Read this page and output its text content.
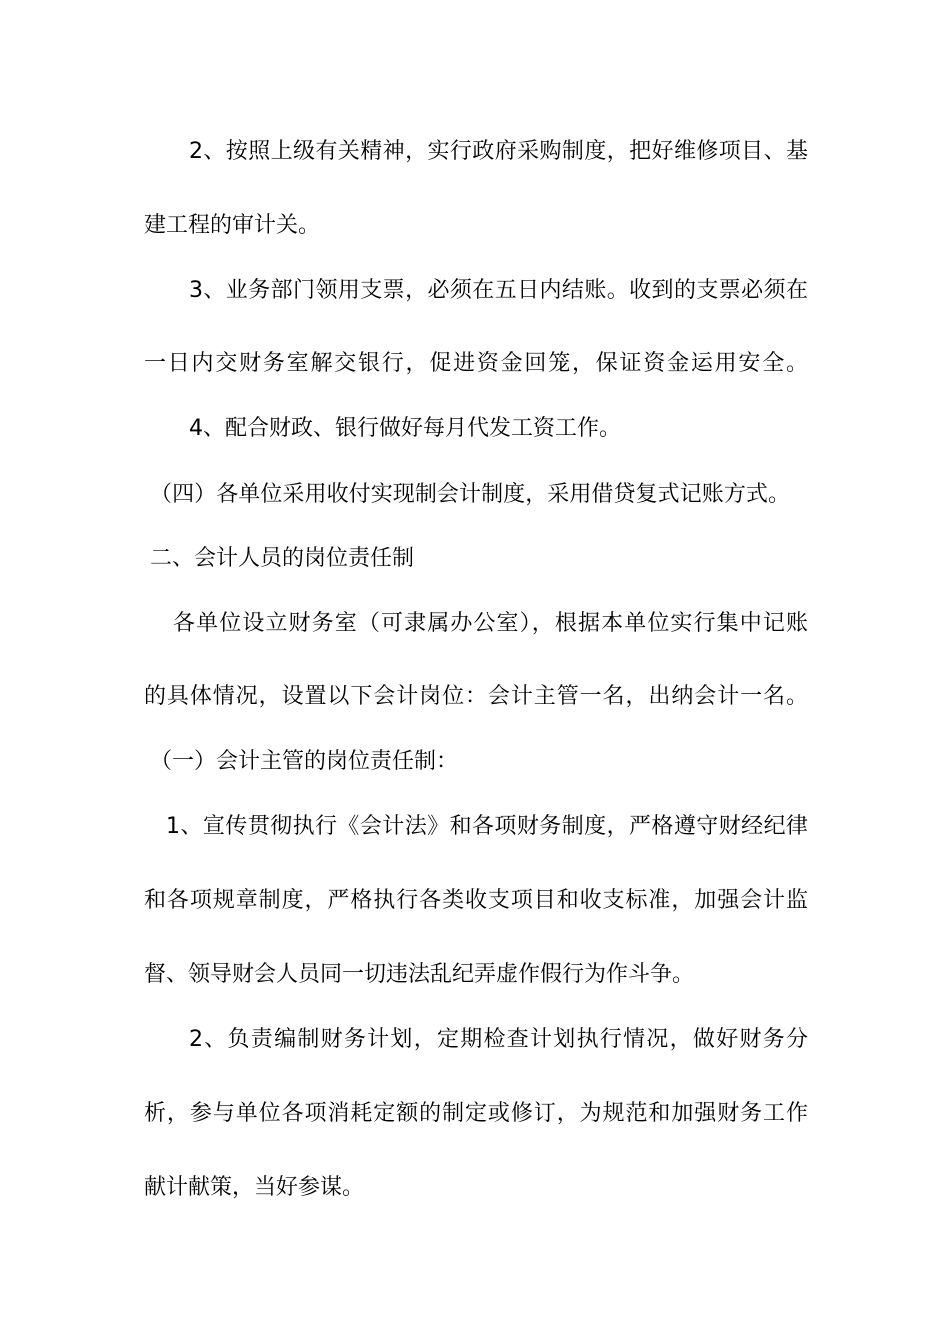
2、按照上级有关精神，实行政府采购制度，把好维修项目、基
建工程的审计关。
3、业务部门领用支票，必须在五日内结账。收到的支票必须在
一日内交财务室解交银行，促进资金回笼，保证资金运用安全。
4、配合财政、银行做好每月代发工资工作。
（四）各单位采用收付实现制会计制度，采用借贷复式记账方式。
二、会计人员的岗位责任制
各单位设立财务室（可隶属办公室），根据本单位实行集中记账
的具体情况，设置以下会计岗位：会计主管一名，出纳会计一名。
（一）会计主管的岗位责任制：
1、宣传贯彻执行《会计法》和各项财务制度，严格遵守财经纪律
和各项规章制度，严格执行各类收支项目和收支标准，加强会计监
督、领导财会人员同一切违法乱纪弄虚作假行为作斗争。
2、负责编制财务计划，定期检查计划执行情况，做好财务分
析，参与单位各项消耗定额的制定或修订，为规范和加强财务工作
献计献策，当好参谋。
